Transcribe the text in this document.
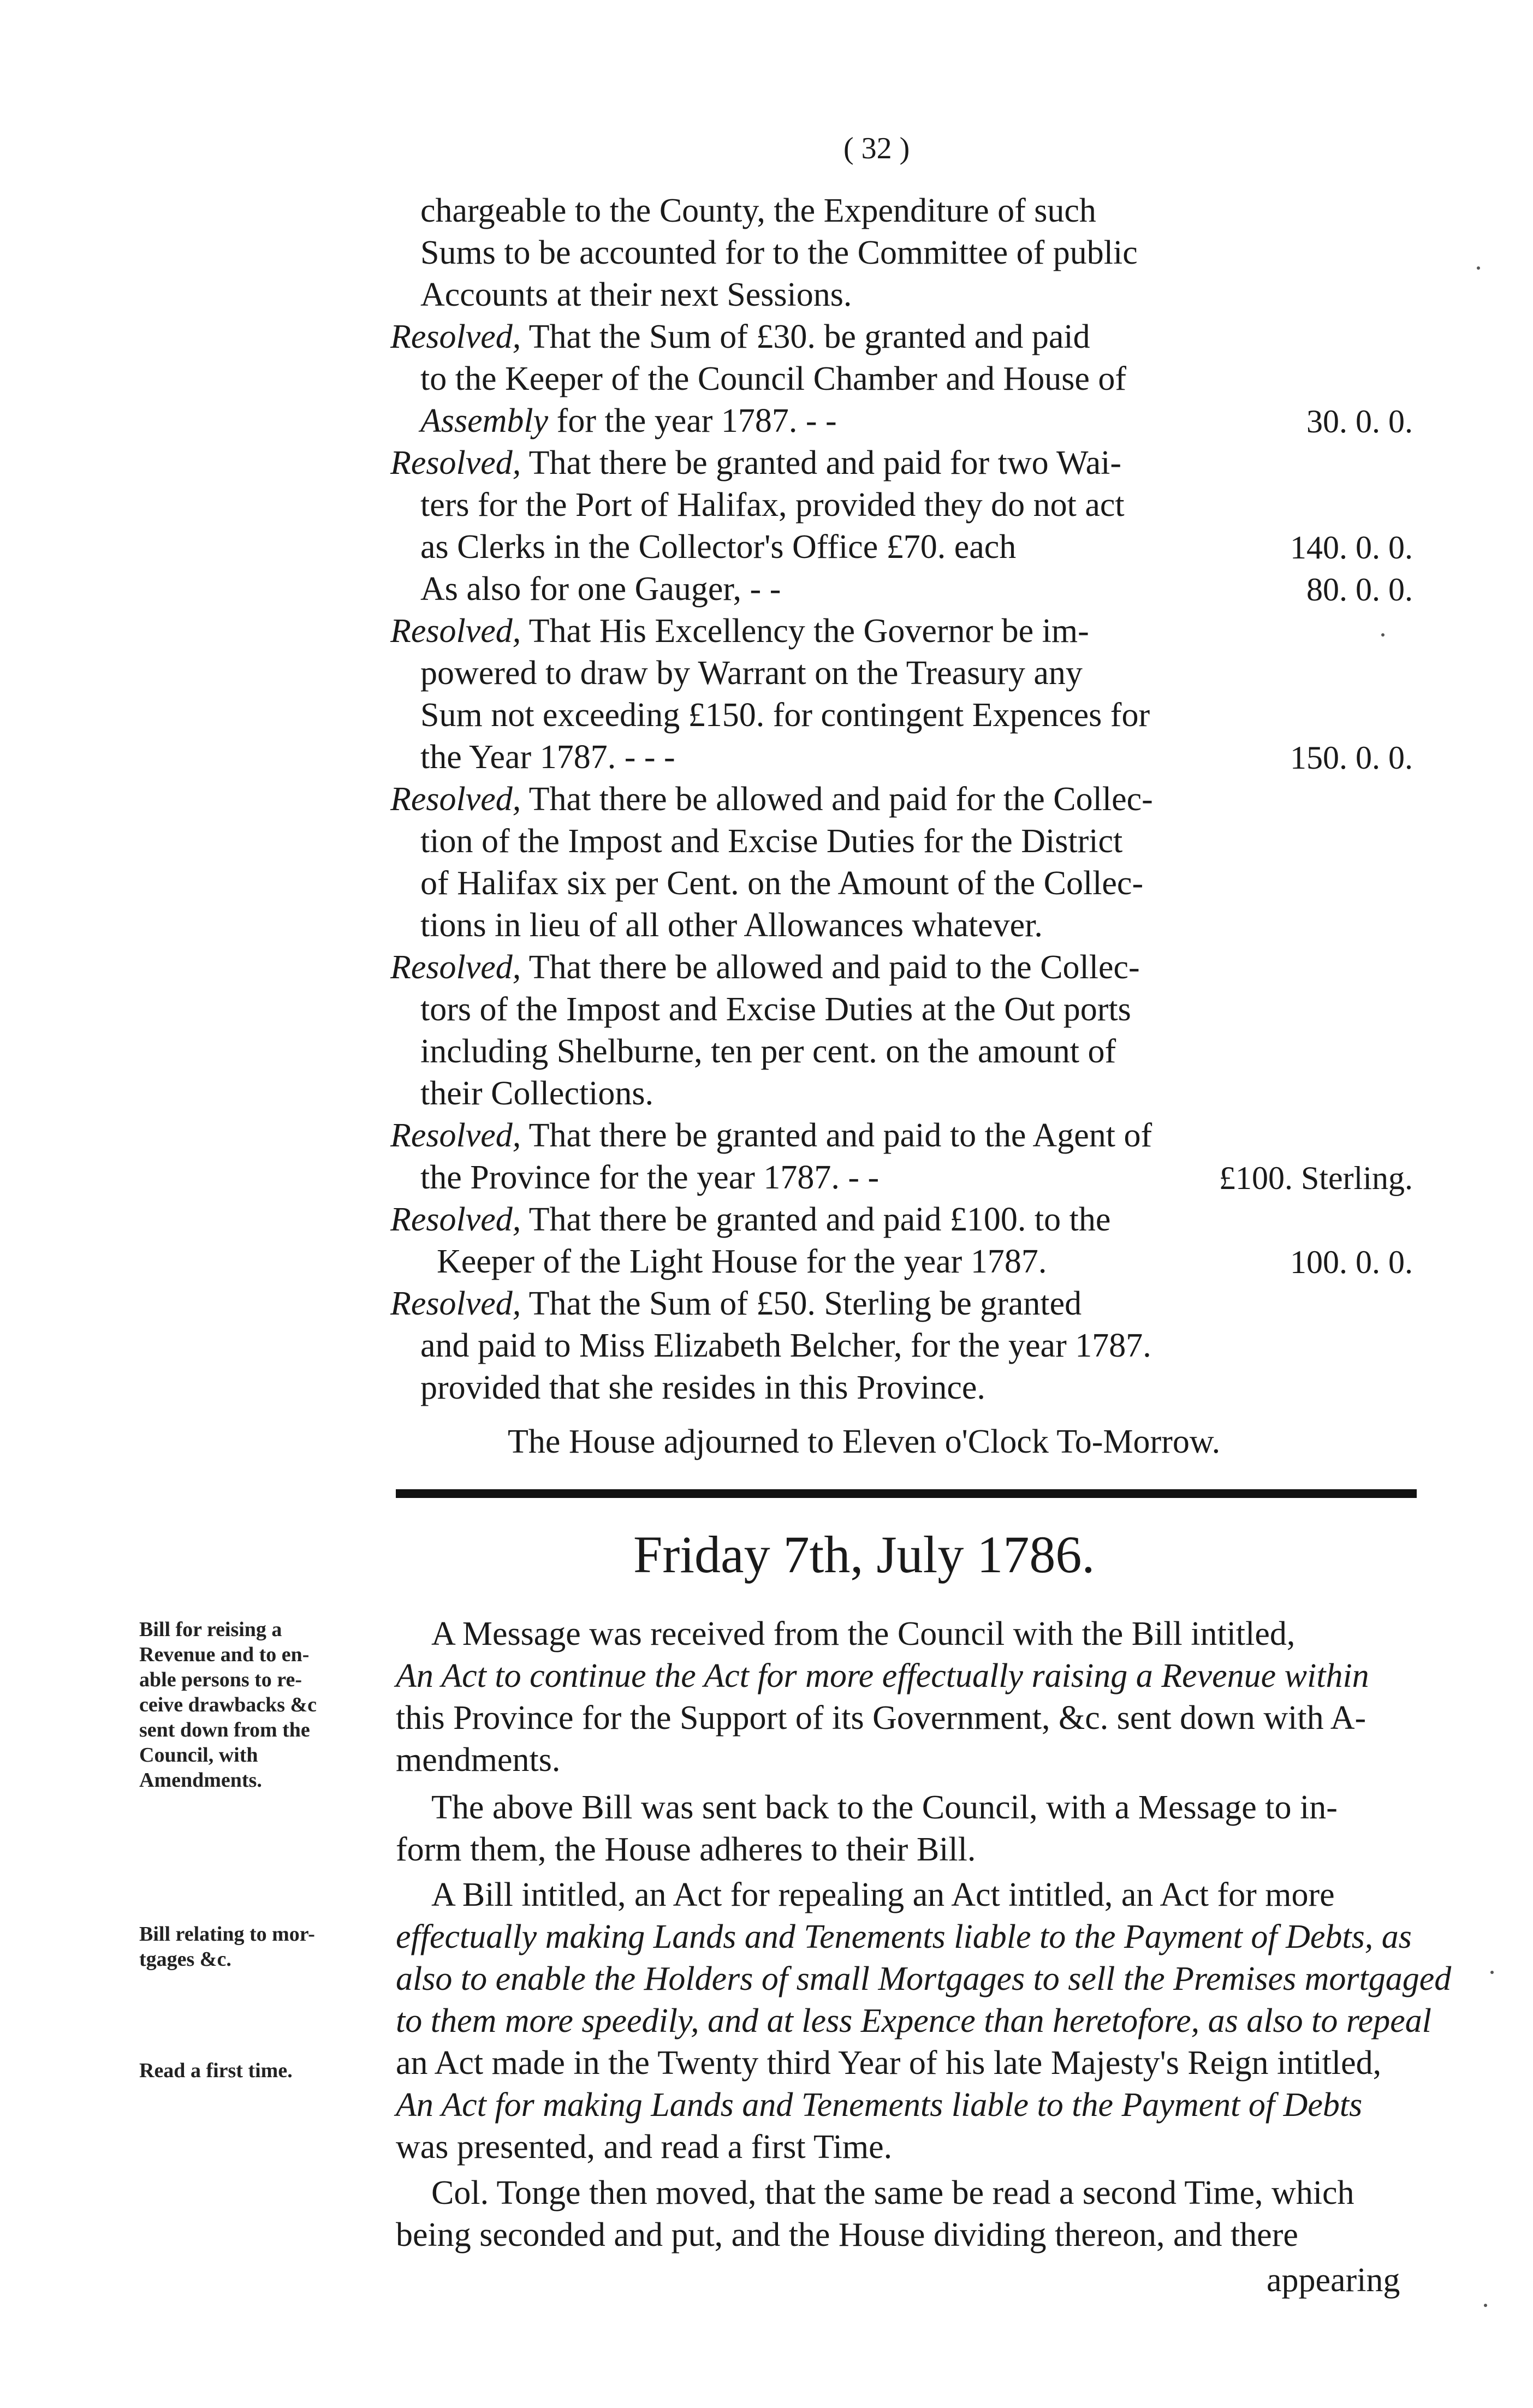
( 32 )
chargeable to the County, the Expenditure of such
Sums to be accounted for to the Committee of public
Accounts at their next Sessions.
Resolved, That the Sum of £30. be granted and paid
to the Keeper of the Council Chamber and House of
Assembly for the year 1787. - -	30. 0. 0.
Resolved, That there be granted and paid for two Wai-
ters for the Port of Halifax, provided they do not act
as Clerks in the Collector's Office £70. each	140. 0. 0.
As also for one Gauger, - -	80. 0. 0.
Resolved, That His Excellency the Governor be im-
powered to draw by Warrant on the Treasury any
Sum not exceeding £150. for contingent Expences for
the Year 1787. - - -	150. 0. 0.
Resolved, That there be allowed and paid for the Collec-
tion of the Impost and Excise Duties for the District
of Halifax six per Cent. on the Amount of the Collec-
tions in lieu of all other Allowances whatever.
Resolved, That there be allowed and paid to the Collec-
tors of the Impost and Excise Duties at the Out ports
including Shelburne, ten per cent. on the amount of
their Collections.
Resolved, That there be granted and paid to the Agent of
the Province for the year 1787. - -	£100. Sterling.
Resolved, That there be granted and paid £100. to the
Keeper of the Light House for the year 1787.	100. 0. 0.
Resolved, That the Sum of £50. Sterling be granted
and paid to Miss Elizabeth Belcher, for the year 1787.
provided that she resides in this Province.
The House adjourned to Eleven o'Clock To-Morrow.
Friday 7th, July 1786.
Bill for reising a
Revenue and to en-
able persons to re-
ceive drawbacks &c
sent down from the
Council, with
Amendments.
Bill relating to mor-
tgages &c.
Read a first time.
A Message was received from the Council with the Bill intitled,
An Act to continue the Act for more effectually raising a Revenue within
this Province for the Support of its Government, &c. sent down with A-
mendments.
The above Bill was sent back to the Council, with a Message to in-
form them, the House adheres to their Bill.
A Bill intitled, an Act for repealing an Act intitled, an Act for more
effectually making Lands and Tenements liable to the Payment of Debts, as
also to enable the Holders of small Mortgages to sell the Premises mortgaged
to them more speedily, and at less Expence than heretofore, as also to repeal
an Act made in the Twenty third Year of his late Majesty's Reign intitled,
An Act for making Lands and Tenements liable to the Payment of Debts
was presented, and read a first Time.
Col. Tonge then moved, that the same be read a second Time, which
being seconded and put, and the House dividing thereon, and there
appearing
